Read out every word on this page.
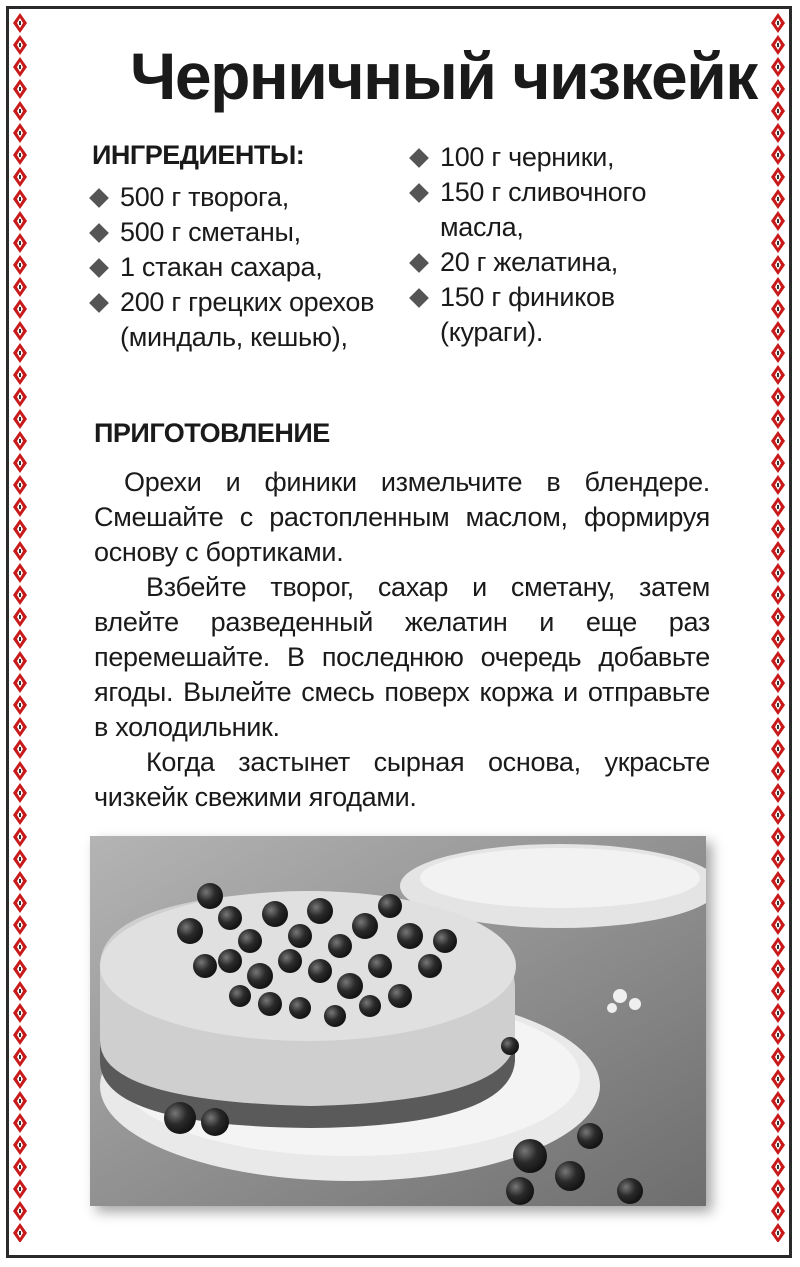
Черничный чизкейк
ИНГРЕДИЕНТЫ:
500 г творога,
500 г сметаны,
1 стакан сахара,
200 г грецких орехов (миндаль, кешью),
100 г черники,
150 г сливочного масла,
20 г желатина,
150 г фиников (кураги).
ПРИГОТОВЛЕНИЕ

Орехи и финики измельчите в блендере. Смешайте с растопленным маслом, формируя основу с бортиками.

Взбейте творог, сахар и сметану, затем влейте разведенный желатин и еще раз перемешайте. В последнюю очередь добавьте ягоды. Вылейте смесь поверх коржа и отправьте в холодильник.

Когда застынет сырная основа, украсьте чизкейк свежими ягодами.
